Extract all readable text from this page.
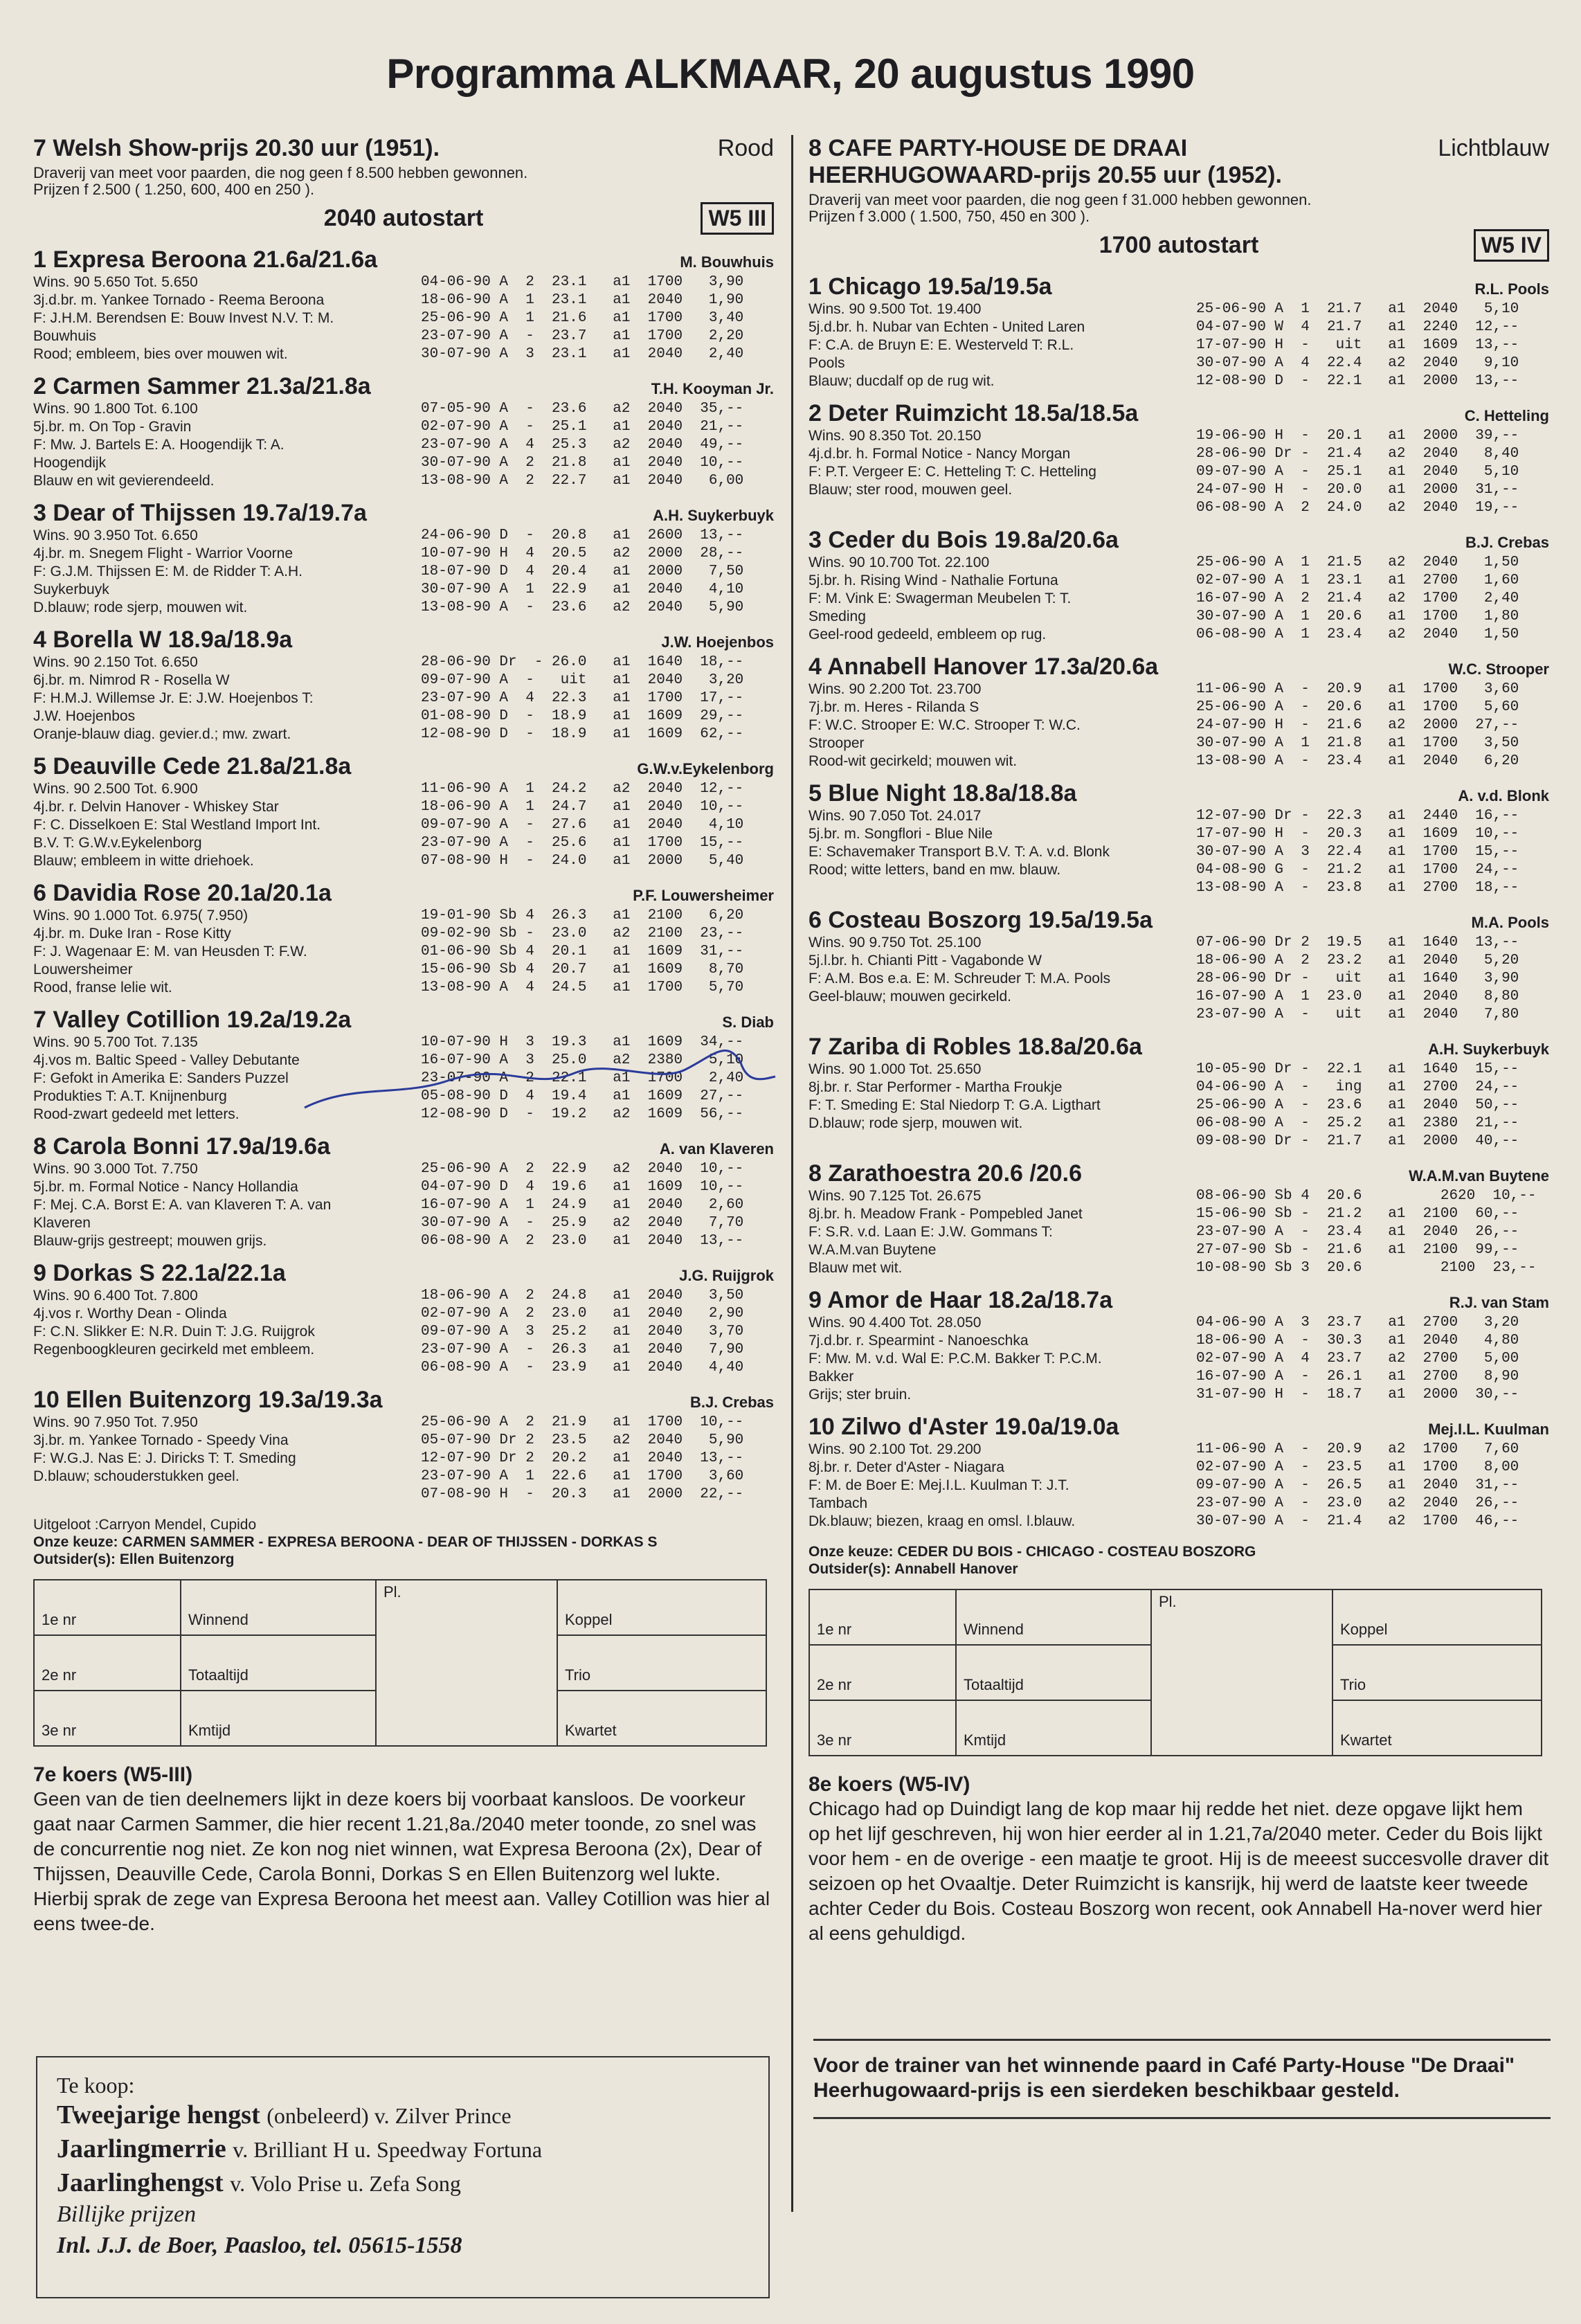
Programma ALKMAAR, 20 augustus 1990
7 Welsh Show-prijs 20.30 uur (1951).	Rood
Draverij van meet voor paarden, die nog geen f 8.500 hebben gewonnen.
Prijzen f 2.500 ( 1.250, 600, 400 en 250 ).
2040 autostart	W5 III
1 Expresa Beroona 21.6a/21.6a	M. Bouwhuis
Wins. 90 5.650 Tot. 5.650
3j.d.br. m. Yankee Tornado - Reema Beroona
F: J.H.M. Berendsen E: Bouw Invest N.V. T: M.
Bouwhuis
Rood; embleem, bies over mouwen wit.
04-06-90 A  2  23.1   a1  1700   3,90
18-06-90 A  1  23.1   a1  2040   1,90
25-06-90 A  1  21.6   a1  1700   3,40
23-07-90 A  -  23.7   a1  1700   2,20
30-07-90 A  3  23.1   a1  2040   2,40
2 Carmen Sammer 21.3a/21.8a	T.H. Kooyman Jr.
Wins. 90 1.800 Tot. 6.100
5j.br. m. On Top - Gravin
F: Mw. J. Bartels E: A. Hoogendijk T: A.
Hoogendijk
Blauw en wit gevierendeeld.
07-05-90 A  -  23.6   a2  2040  35,--
02-07-90 A  -  25.1   a1  2040  21,--
23-07-90 A  4  25.3   a2  2040  49,--
30-07-90 A  2  21.8   a1  2040  10,--
13-08-90 A  2  22.7   a1  2040   6,00
3 Dear of Thijssen 19.7a/19.7a	A.H. Suykerbuyk
Wins. 90 3.950 Tot. 6.650
4j.br. m. Snegem Flight - Warrior Voorne
F: G.J.M. Thijssen E: M. de Ridder T: A.H.
Suykerbuyk
D.blauw; rode sjerp, mouwen wit.
24-06-90 D  -  20.8   a1  2600  13,--
10-07-90 H  4  20.5   a2  2000  28,--
18-07-90 D  4  20.4   a1  2000   7,50
30-07-90 A  1  22.9   a1  2040   4,10
13-08-90 A  -  23.6   a2  2040   5,90
4 Borella W 18.9a/18.9a	J.W. Hoejenbos
Wins. 90 2.150 Tot. 6.650
6j.br. m. Nimrod R - Rosella W
F: H.M.J. Willemse Jr. E: J.W. Hoejenbos T:
J.W. Hoejenbos
Oranje-blauw diag. gevier.d.; mw. zwart.
28-06-90 Dr  - 26.0   a1  1640  18,--
09-07-90 A  -   uit   a1  2040   3,20
23-07-90 A  4  22.3   a1  1700  17,--
01-08-90 D  -  18.9   a1  1609  29,--
12-08-90 D  -  18.9   a1  1609  62,--
5 Deauville Cede 21.8a/21.8a	G.W.v.Eykelenborg
Wins. 90 2.500 Tot. 6.900
4j.br. r. Delvin Hanover - Whiskey Star
F: C. Disselkoen E: Stal Westland Import Int.
B.V. T: G.W.v.Eykelenborg
Blauw; embleem in witte driehoek.
11-06-90 A  1  24.2   a2  2040  12,--
18-06-90 A  1  24.7   a1  2040  10,--
09-07-90 A  -  27.6   a1  2040   4,10
23-07-90 A  -  25.6   a1  1700  15,--
07-08-90 H  -  24.0   a1  2000   5,40
6 Davidia Rose 20.1a/20.1a	P.F. Louwersheimer
Wins. 90 1.000 Tot. 6.975( 7.950)
4j.br. m. Duke Iran - Rose Kitty
F: J. Wagenaar E: M. van Heusden T: F.W.
Louwersheimer
Rood, franse lelie wit.
19-01-90 Sb 4  26.3   a1  2100   6,20
09-02-90 Sb -  23.0   a2  2100  23,--
01-06-90 Sb 4  20.1   a1  1609  31,--
15-06-90 Sb 4  20.7   a1  1609   8,70
13-08-90 A  4  24.5   a1  1700   5,70
7 Valley Cotillion 19.2a/19.2a	S. Diab
Wins. 90 5.700 Tot. 7.135
4j.vos m. Baltic Speed - Valley Debutante
F: Gefokt in Amerika E: Sanders Puzzel
Produkties T: A.T. Knijnenburg
Rood-zwart gedeeld met letters.
10-07-90 H  3  19.3   a1  1609  34,--
16-07-90 A  3  25.0   a2  2380   5,10
23-07-90 A  2  22.1   a1  1700   2,40
05-08-90 D  4  19.4   a1  1609  27,--
12-08-90 D  -  19.2   a2  1609  56,--
8 Carola Bonni 17.9a/19.6a	A. van Klaveren
Wins. 90 3.000 Tot. 7.750
5j.br. m. Formal Notice - Nancy Hollandia
F: Mej. C.A. Borst E: A. van Klaveren T: A. van
Klaveren
Blauw-grijs gestreept; mouwen grijs.
25-06-90 A  2  22.9   a2  2040  10,--
04-07-90 D  4  19.6   a1  1609  10,--
16-07-90 A  1  24.9   a1  2040   2,60
30-07-90 A  -  25.9   a2  2040   7,70
06-08-90 A  2  23.0   a1  2040  13,--
9 Dorkas S 22.1a/22.1a	J.G. Ruijgrok
Wins. 90 6.400 Tot. 7.800
4j.vos r. Worthy Dean - Olinda
F: C.N. Slikker E: N.R. Duin T: J.G. Ruijgrok
Regenboogkleuren gecirkeld met embleem.
18-06-90 A  2  24.8   a1  2040   3,50
02-07-90 A  2  23.0   a1  2040   2,90
09-07-90 A  3  25.2   a1  2040   3,70
23-07-90 A  -  26.3   a1  2040   7,90
06-08-90 A  -  23.9   a1  2040   4,40
10 Ellen Buitenzorg 19.3a/19.3a	B.J. Crebas
Wins. 90 7.950 Tot. 7.950
3j.br. m. Yankee Tornado - Speedy Vina
F: W.G.J. Nas E: J. Diricks T: T. Smeding
D.blauw; schouderstukken geel.
25-06-90 A  2  21.9   a1  1700  10,--
05-07-90 Dr 2  23.5   a2  2040   5,90
12-07-90 Dr 2  20.2   a1  2040  13,--
23-07-90 A  1  22.6   a1  1700   3,60
07-08-90 H  -  20.3   a1  2000  22,--
Uitgeloot :Carryon Mendel, Cupido
Onze keuze: CARMEN SAMMER - EXPRESA BEROONA - DEAR OF THIJSSEN - DORKAS S
Outsider(s): Ellen Buitenzorg
1e nr	Winnend	Pl.	Koppel
2e nr	Totaaltijd		Trio
3e nr	Kmtijd		Kwartet
7e koers (W5-III)

Geen van de tien deelnemers lijkt in deze koers bij voorbaat kansloos. De voorkeur gaat naar Carmen Sammer, die hier recent 1.21,8a./2040 meter toonde, zo snel was de concurrentie nog niet. Ze kon nog niet winnen, wat Expresa Beroona (2x), Dear of Thijssen, Deauville Cede, Carola Bonni, Dorkas S en Ellen Buitenzorg wel lukte. Hierbij sprak de zege van Expresa Beroona het meest aan. Valley Cotillion was hier al eens twee-de.

8 CAFE PARTY-HOUSE DE DRAAI HEERHUGOWAARD-prijs 20.55 uur (1952).
Lichtblauw
Draverij van meet voor paarden, die nog geen f 31.000 hebben gewonnen.
Prijzen f 3.000 ( 1.500, 750, 450 en 300 ).
1700 autostart	W5 IV
1 Chicago 19.5a/19.5a	R.L. Pools
Wins. 90 9.500 Tot. 19.400
5j.d.br. h. Nubar van Echten - United Laren
F: C.A. de Bruyn E: E. Westerveld T: R.L.
Pools
Blauw; ducdalf op de rug wit.
25-06-90 A  1  21.7   a1  2040   5,10
04-07-90 W  4  21.7   a1  2240  12,--
17-07-90 H  -   uit   a1  1609  13,--
30-07-90 A  4  22.4   a2  2040   9,10
12-08-90 D  -  22.1   a1  2000  13,--
2 Deter Ruimzicht 18.5a/18.5a	C. Hetteling
Wins. 90 8.350 Tot. 20.150
4j.d.br. h. Formal Notice - Nancy Morgan
F: P.T. Vergeer E: C. Hetteling T: C. Hetteling
Blauw; ster rood, mouwen geel.
19-06-90 H  -  20.1   a1  2000  39,--
28-06-90 Dr -  21.4   a2  2040   8,40
09-07-90 A  -  25.1   a1  2040   5,10
24-07-90 H  -  20.0   a1  2000  31,--
06-08-90 A  2  24.0   a2  2040  19,--
3 Ceder du Bois 19.8a/20.6a	B.J. Crebas
Wins. 90 10.700 Tot. 22.100
5j.br. h. Rising Wind - Nathalie Fortuna
F: M. Vink E: Swagerman Meubelen T: T.
Smeding
Geel-rood gedeeld, embleem op rug.
25-06-90 A  1  21.5   a2  2040   1,50
02-07-90 A  1  23.1   a1  2700   1,60
16-07-90 A  2  21.4   a2  1700   2,40
30-07-90 A  1  20.6   a1  1700   1,80
06-08-90 A  1  23.4   a2  2040   1,50
4 Annabell Hanover 17.3a/20.6a	W.C. Strooper
Wins. 90 2.200 Tot. 23.700
7j.br. m. Heres - Rilanda S
F: W.C. Strooper E: W.C. Strooper T: W.C.
Strooper
Rood-wit gecirkeld; mouwen wit.
11-06-90 A  -  20.9   a1  1700   3,60
25-06-90 A  -  20.6   a1  1700   5,60
24-07-90 H  -  21.6   a2  2000  27,--
30-07-90 A  1  21.8   a1  1700   3,50
13-08-90 A  -  23.4   a1  2040   6,20
5 Blue Night 18.8a/18.8a	A. v.d. Blonk
Wins. 90 7.050 Tot. 24.017
5j.br. m. Songflori - Blue Nile
E: Schavemaker Transport B.V. T: A. v.d. Blonk
Rood; witte letters, band en mw. blauw.
12-07-90 Dr -  22.3   a1  2440  16,--
17-07-90 H  -  20.3   a1  1609  10,--
30-07-90 A  3  22.4   a1  1700  15,--
04-08-90 G  -  21.2   a1  1700  24,--
13-08-90 A  -  23.8   a1  2700  18,--
6 Costeau Boszorg 19.5a/19.5a	M.A. Pools
Wins. 90 9.750 Tot. 25.100
5j.l.br. h. Chianti Pitt - Vagabonde W
F: A.M. Bos e.a. E: M. Schreuder T: M.A. Pools
Geel-blauw; mouwen gecirkeld.
07-06-90 Dr 2  19.5   a1  1640  13,--
18-06-90 A  2  23.2   a1  2040   5,20
28-06-90 Dr -   uit   a1  1640   3,90
16-07-90 A  1  23.0   a1  2040   8,80
23-07-90 A  -   uit   a1  2040   7,80
7 Zariba di Robles 18.8a/20.6a	A.H. Suykerbuyk
Wins. 90 1.000 Tot. 25.650
8j.br. r. Star Performer - Martha Froukje
F: T. Smeding E: Stal Niedorp T: G.A. Ligthart
D.blauw; rode sjerp, mouwen wit.
10-05-90 Dr -  22.1   a1  1640  15,--
04-06-90 A  -   ing   a1  2700  24,--
25-06-90 A  -  23.6   a1  2040  50,--
06-08-90 A  -  25.2   a1  2380  21,--
09-08-90 Dr -  21.7   a1  2000  40,--
8 Zarathoestra 20.6 /20.6	W.A.M.van Buytene
Wins. 90 7.125 Tot. 26.675
8j.br. h. Meadow Frank - Pompebled Janet
F: S.R. v.d. Laan E: J.W. Gommans T:
W.A.M.van Buytene
Blauw met wit.
08-06-90 Sb 4  20.6         2620  10,--
15-06-90 Sb -  21.2   a1  2100  60,--
23-07-90 A  -  23.4   a1  2040  26,--
27-07-90 Sb -  21.6   a1  2100  99,--
10-08-90 Sb 3  20.6         2100  23,--
9 Amor de Haar 18.2a/18.7a	R.J. van Stam
Wins. 90 4.400 Tot. 28.050
7j.d.br. r. Spearmint - Nanoeschka
F: Mw. M. v.d. Wal E: P.C.M. Bakker T: P.C.M.
Bakker
Grijs; ster bruin.
04-06-90 A  3  23.7   a1  2700   3,20
18-06-90 A  -  30.3   a1  2040   4,80
02-07-90 A  4  23.7   a2  2700   5,00
16-07-90 A  -  26.1   a1  2700   8,90
31-07-90 H  -  18.7   a1  2000  30,--
10 Zilwo d'Aster 19.0a/19.0a	Mej.I.L. Kuulman
Wins. 90 2.100 Tot. 29.200
8j.br. r. Deter d'Aster - Niagara
F: M. de Boer E: Mej.I.L. Kuulman T: J.T.
Tambach
Dk.blauw; biezen, kraag en omsl. l.blauw.
11-06-90 A  -  20.9   a2  1700   7,60
02-07-90 A  -  23.5   a1  1700   8,00
09-07-90 A  -  26.5   a1  2040  31,--
23-07-90 A  -  23.0   a2  2040  26,--
30-07-90 A  -  21.4   a2  1700  46,--
Onze keuze: CEDER DU BOIS - CHICAGO - COSTEAU BOSZORG
Outsider(s): Annabell Hanover
1e nr	Winnend	Pl.	Koppel
2e nr	Totaaltijd		Trio
3e nr	Kmtijd		Kwartet
8e koers (W5-IV)

Chicago had op Duindigt lang de kop maar hij redde het niet. deze opgave lijkt hem op het lijf geschreven, hij won hier eerder al in 1.21,7a/2040 meter. Ceder du Bois lijkt voor hem - en de overige - een maatje te groot. Hij is de meeest succesvolle draver dit seizoen op het Ovaaltje. Deter Ruimzicht is kansrijk, hij werd de laatste keer tweede achter Ceder du Bois. Costeau Boszorg won recent, ook Annabell Ha-nover werd hier al eens gehuldigd.

Te koop:
Tweejarige hengst (onbeleerd) v. Zilver Prince
Jaarlingmerrie v. Brilliant H u. Speedway Fortuna
Jaarlinghengst v. Volo Prise u. Zefa Song
Billijke prijzen
Inl. J.J. de Boer, Paasloo, tel. 05615-1558
Voor de trainer van het winnende paard in Café Party-House "De Draai" Heerhugowaard-prijs is een sierdeken beschikbaar gesteld.
